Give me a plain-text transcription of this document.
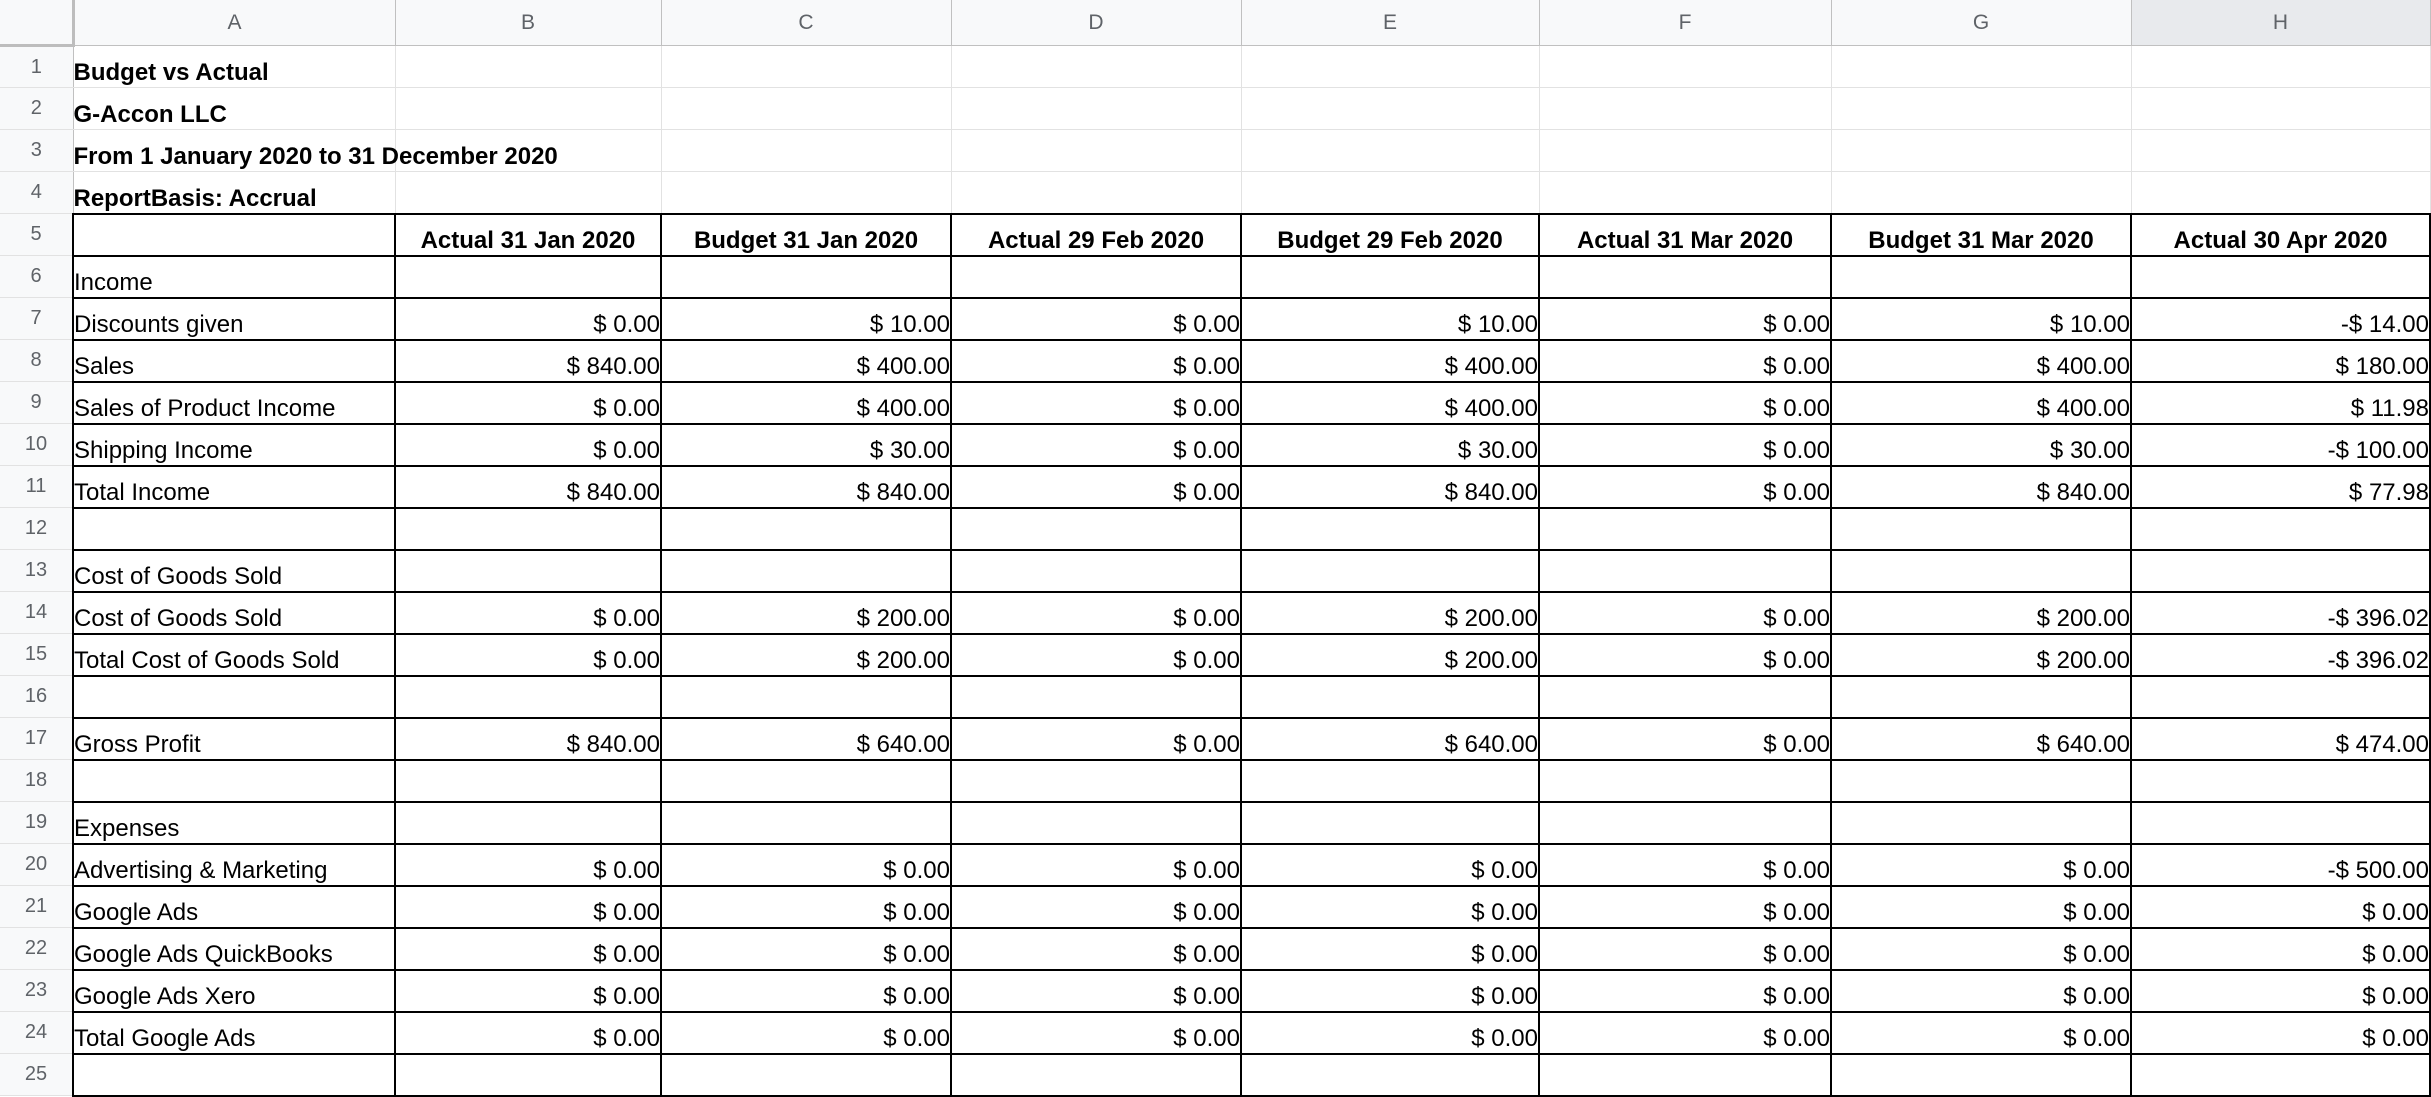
	A	B	C	D	E	F	G	H
1	Budget vs Actual							
2	G-Accon LLC							
3	From 1 January 2020 to 31 December 2020							
4	ReportBasis: Accrual							
5		Actual 31 Jan 2020	Budget 31 Jan 2020	Actual 29 Feb 2020	Budget 29 Feb 2020	Actual 31 Mar 2020	Budget 31 Mar 2020	Actual 30 Apr 2020
6	Income							
7	Discounts given	$ 0.00	$ 10.00	$ 0.00	$ 10.00	$ 0.00	$ 10.00	-$ 14.00
8	Sales	$ 840.00	$ 400.00	$ 0.00	$ 400.00	$ 0.00	$ 400.00	$ 180.00
9	Sales of Product Income	$ 0.00	$ 400.00	$ 0.00	$ 400.00	$ 0.00	$ 400.00	$ 11.98
10	Shipping Income	$ 0.00	$ 30.00	$ 0.00	$ 30.00	$ 0.00	$ 30.00	-$ 100.00
11	Total Income	$ 840.00	$ 840.00	$ 0.00	$ 840.00	$ 0.00	$ 840.00	$ 77.98
12								
13	Cost of Goods Sold							
14	Cost of Goods Sold	$ 0.00	$ 200.00	$ 0.00	$ 200.00	$ 0.00	$ 200.00	-$ 396.02
15	Total Cost of Goods Sold	$ 0.00	$ 200.00	$ 0.00	$ 200.00	$ 0.00	$ 200.00	-$ 396.02
16								
17	Gross Profit	$ 840.00	$ 640.00	$ 0.00	$ 640.00	$ 0.00	$ 640.00	$ 474.00
18								
19	Expenses							
20	Advertising & Marketing	$ 0.00	$ 0.00	$ 0.00	$ 0.00	$ 0.00	$ 0.00	-$ 500.00
21	Google Ads	$ 0.00	$ 0.00	$ 0.00	$ 0.00	$ 0.00	$ 0.00	$ 0.00
22	Google Ads QuickBooks	$ 0.00	$ 0.00	$ 0.00	$ 0.00	$ 0.00	$ 0.00	$ 0.00
23	Google Ads Xero	$ 0.00	$ 0.00	$ 0.00	$ 0.00	$ 0.00	$ 0.00	$ 0.00
24	Total Google Ads	$ 0.00	$ 0.00	$ 0.00	$ 0.00	$ 0.00	$ 0.00	$ 0.00
25								
